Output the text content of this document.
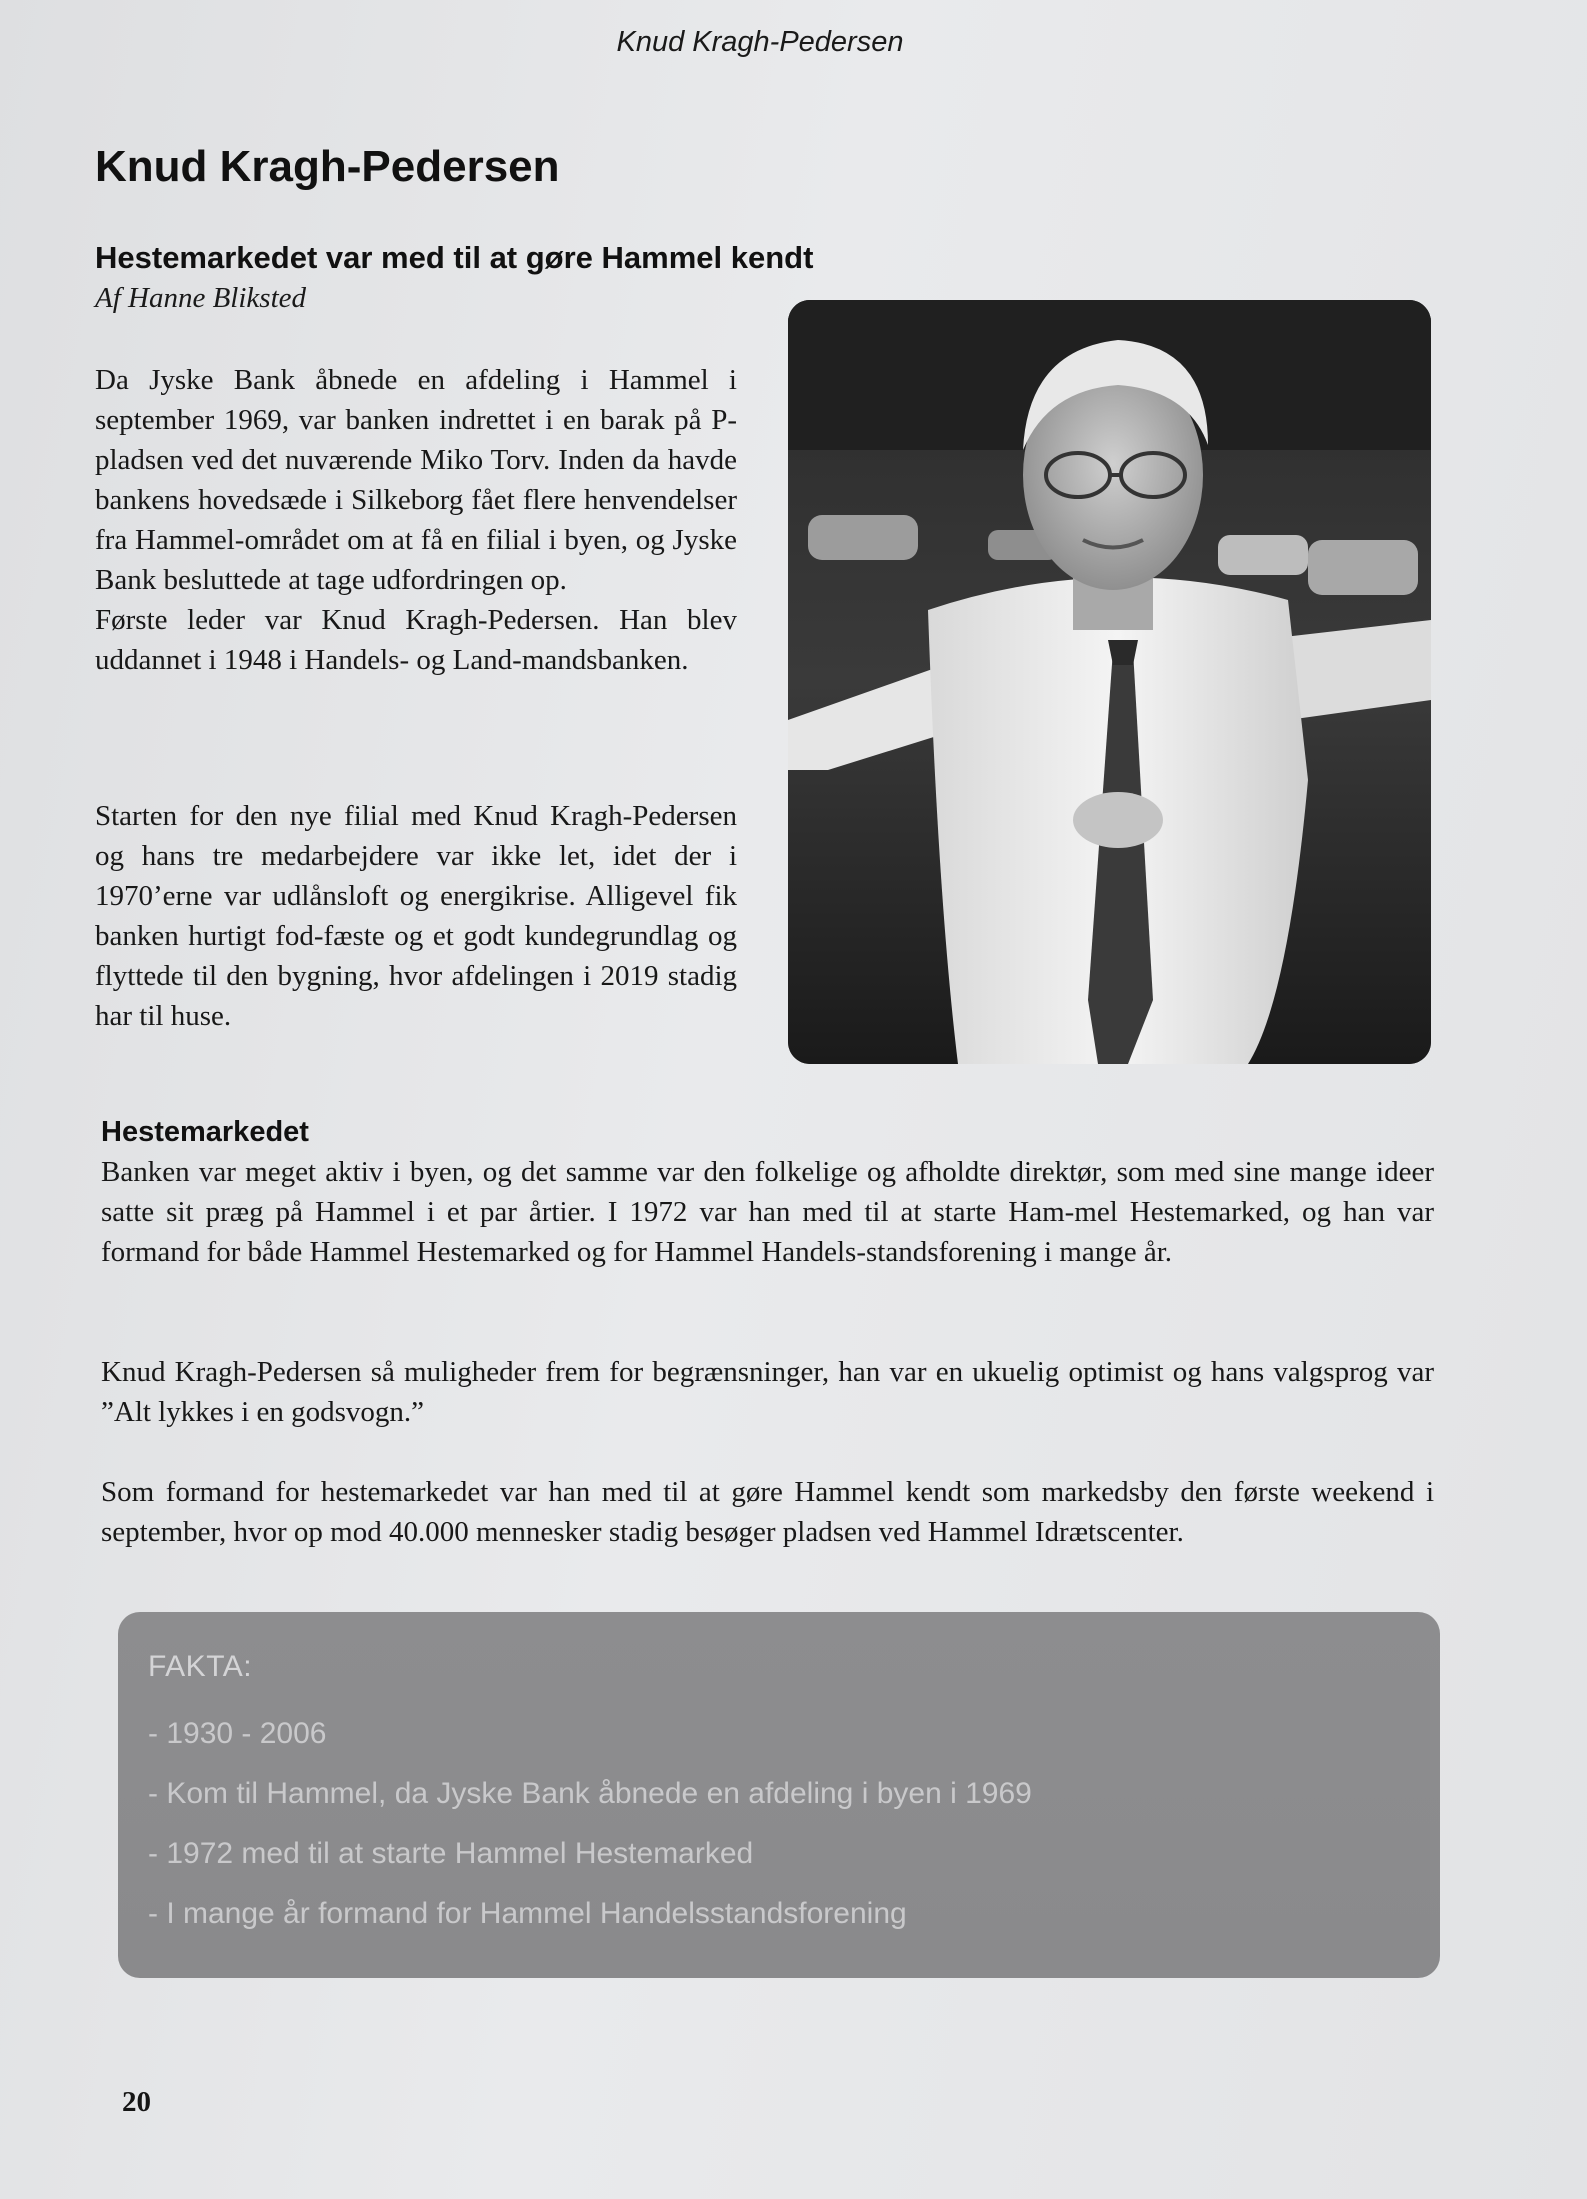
Knud Kragh-Pedersen
Knud Kragh-Pedersen
Hestemarkedet var med til at gøre Hammel kendt
Af Hanne Bliksted

Da Jyske Bank åbnede en afdeling i Hammel i september 1969, var banken indrettet i en barak på P-pladsen ved det nuværende Miko Torv. Inden da havde bankens hovedsæde i Silkeborg fået flere henvendelser fra Hammel-området om at få en filial i byen, og Jyske Bank besluttede at tage udfordringen op.

Første leder var Knud Kragh-Pedersen. Han blev uddannet i 1948 i Handels- og Land-mandsbanken.

Starten for den nye filial med Knud Kragh-Pedersen og hans tre medarbejdere var ikke let, idet der i 1970’erne var udlånsloft og energikrise. Alligevel fik banken hurtigt fod-fæste og et godt kundegrundlag og flyttede til den bygning, hvor afdelingen i 2019 stadig har til huse.

Hestemarkedet

Banken var meget aktiv i byen, og det samme var den folkelige og afholdte direktør, som med sine mange ideer satte sit præg på Hammel i et par årtier. I 1972 var han med til at starte Ham-mel Hestemarked, og han var formand for både Hammel Hestemarked og for Hammel Handels-standsforening i mange år.

Knud Kragh-Pedersen så muligheder frem for begrænsninger, han var en ukuelig optimist og hans valgsprog var ”Alt lykkes i en godsvogn.”

Som formand for hestemarkedet var han med til at gøre Hammel kendt som markedsby den første weekend i september, hvor op mod 40.000 mennesker stadig besøger pladsen ved Hammel Idrætscenter.

FAKTA:
- 1930 - 2006
- Kom til Hammel, da Jyske Bank åbnede en afdeling i byen i 1969
- 1972 med til at starte Hammel Hestemarked
- I mange år formand for Hammel Handelsstandsforening
20
